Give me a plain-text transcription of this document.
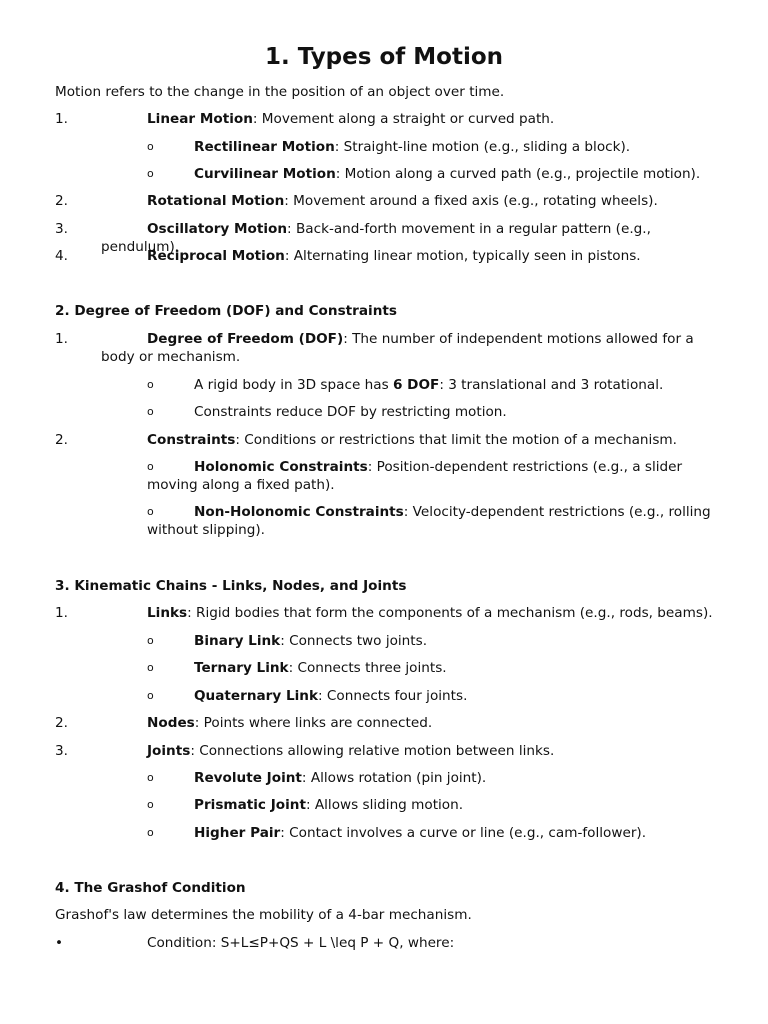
1. Types of Motion
Motion refers to the change in the position of an object over time.
1.	Linear Motion: Movement along a straight or curved path.
o	Rectilinear Motion: Straight-line motion (e.g., sliding a block).
o	Curvilinear Motion: Motion along a curved path (e.g., projectile motion).
2.	Rotational Motion: Movement around a fixed axis (e.g., rotating wheels).
3.	Oscillatory Motion: Back-and-forth movement in a regular pattern (e.g., pendulum).
4.	Reciprocal Motion: Alternating linear motion, typically seen in pistons.
2. Degree of Freedom (DOF) and Constraints
1.	Degree of Freedom (DOF): The number of independent motions allowed for a body or mechanism.
o	A rigid body in 3D space has 6 DOF: 3 translational and 3 rotational.
o	Constraints reduce DOF by restricting motion.
2.	Constraints: Conditions or restrictions that limit the motion of a mechanism.
o	Holonomic Constraints: Position-dependent restrictions (e.g., a slider moving along a fixed path).
o	Non-Holonomic Constraints: Velocity-dependent restrictions (e.g., rolling without slipping).
3. Kinematic Chains - Links, Nodes, and Joints
1.	Links: Rigid bodies that form the components of a mechanism (e.g., rods, beams).
o	Binary Link: Connects two joints.
o	Ternary Link: Connects three joints.
o	Quaternary Link: Connects four joints.
2.	Nodes: Points where links are connected.
3.	Joints: Connections allowing relative motion between links.
o	Revolute Joint: Allows rotation (pin joint).
o	Prismatic Joint: Allows sliding motion.
o	Higher Pair: Contact involves a curve or line (e.g., cam-follower).
4. The Grashof Condition
Grashof's law determines the mobility of a 4-bar mechanism.
•	Condition: S+L≤P+QS + L \leq P + Q, where:
